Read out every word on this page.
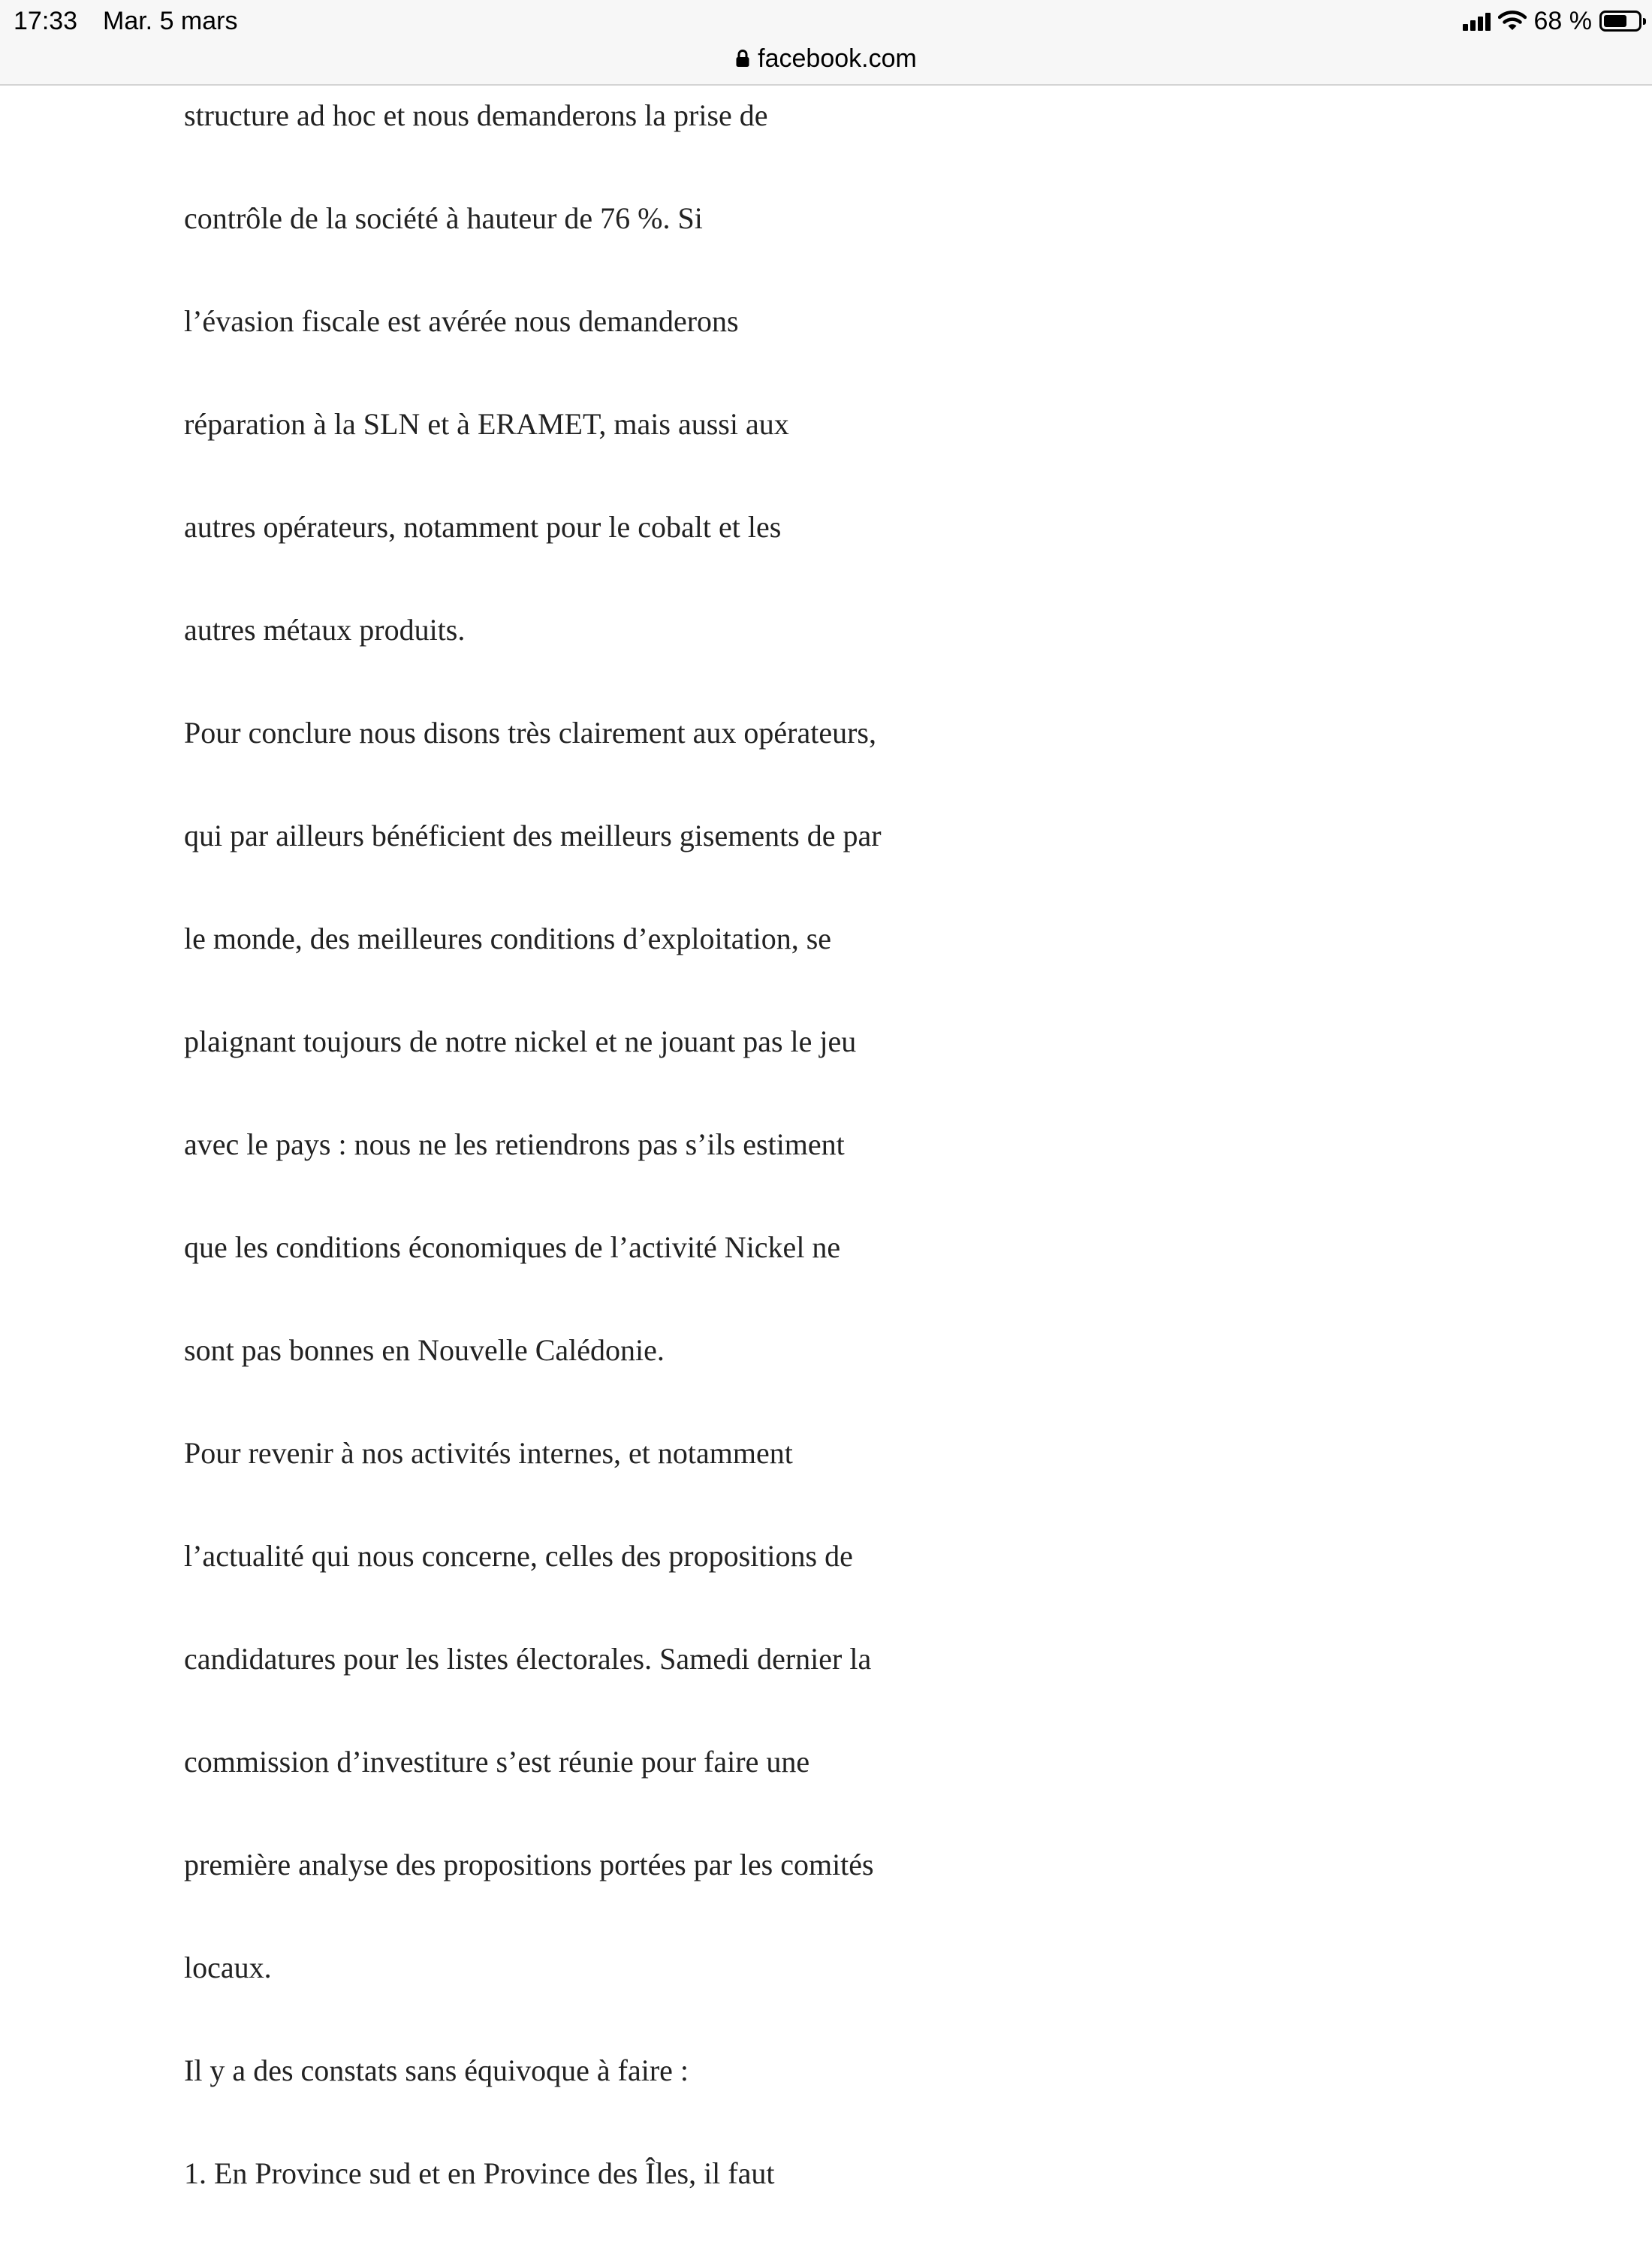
17:33 Mar. 5 mars	68 %
facebook.com

structure ad hoc et nous demanderons la prise de

contrôle de la société à hauteur de 76 %. Si

l’évasion fiscale est avérée nous demanderons

réparation à la SLN et à ERAMET, mais aussi aux

autres opérateurs, notamment pour le cobalt et les

autres métaux produits.

Pour conclure nous disons très clairement aux opérateurs,

qui par ailleurs bénéficient des meilleurs gisements de par

le monde, des meilleures conditions d’exploitation, se

plaignant toujours de notre nickel et ne jouant pas le jeu

avec le pays : nous ne les retiendrons pas s’ils estiment

que les conditions économiques de l’activité Nickel ne

sont pas bonnes en Nouvelle Calédonie.

Pour revenir à nos activités internes, et notamment

l’actualité qui nous concerne, celles des propositions de

candidatures pour les listes électorales. Samedi dernier la

commission d’investiture s’est réunie pour faire une

première analyse des propositions portées par les comités

locaux.

Il y a des constats sans équivoque à faire :

1. En Province sud et en Province des Îles, il faut
